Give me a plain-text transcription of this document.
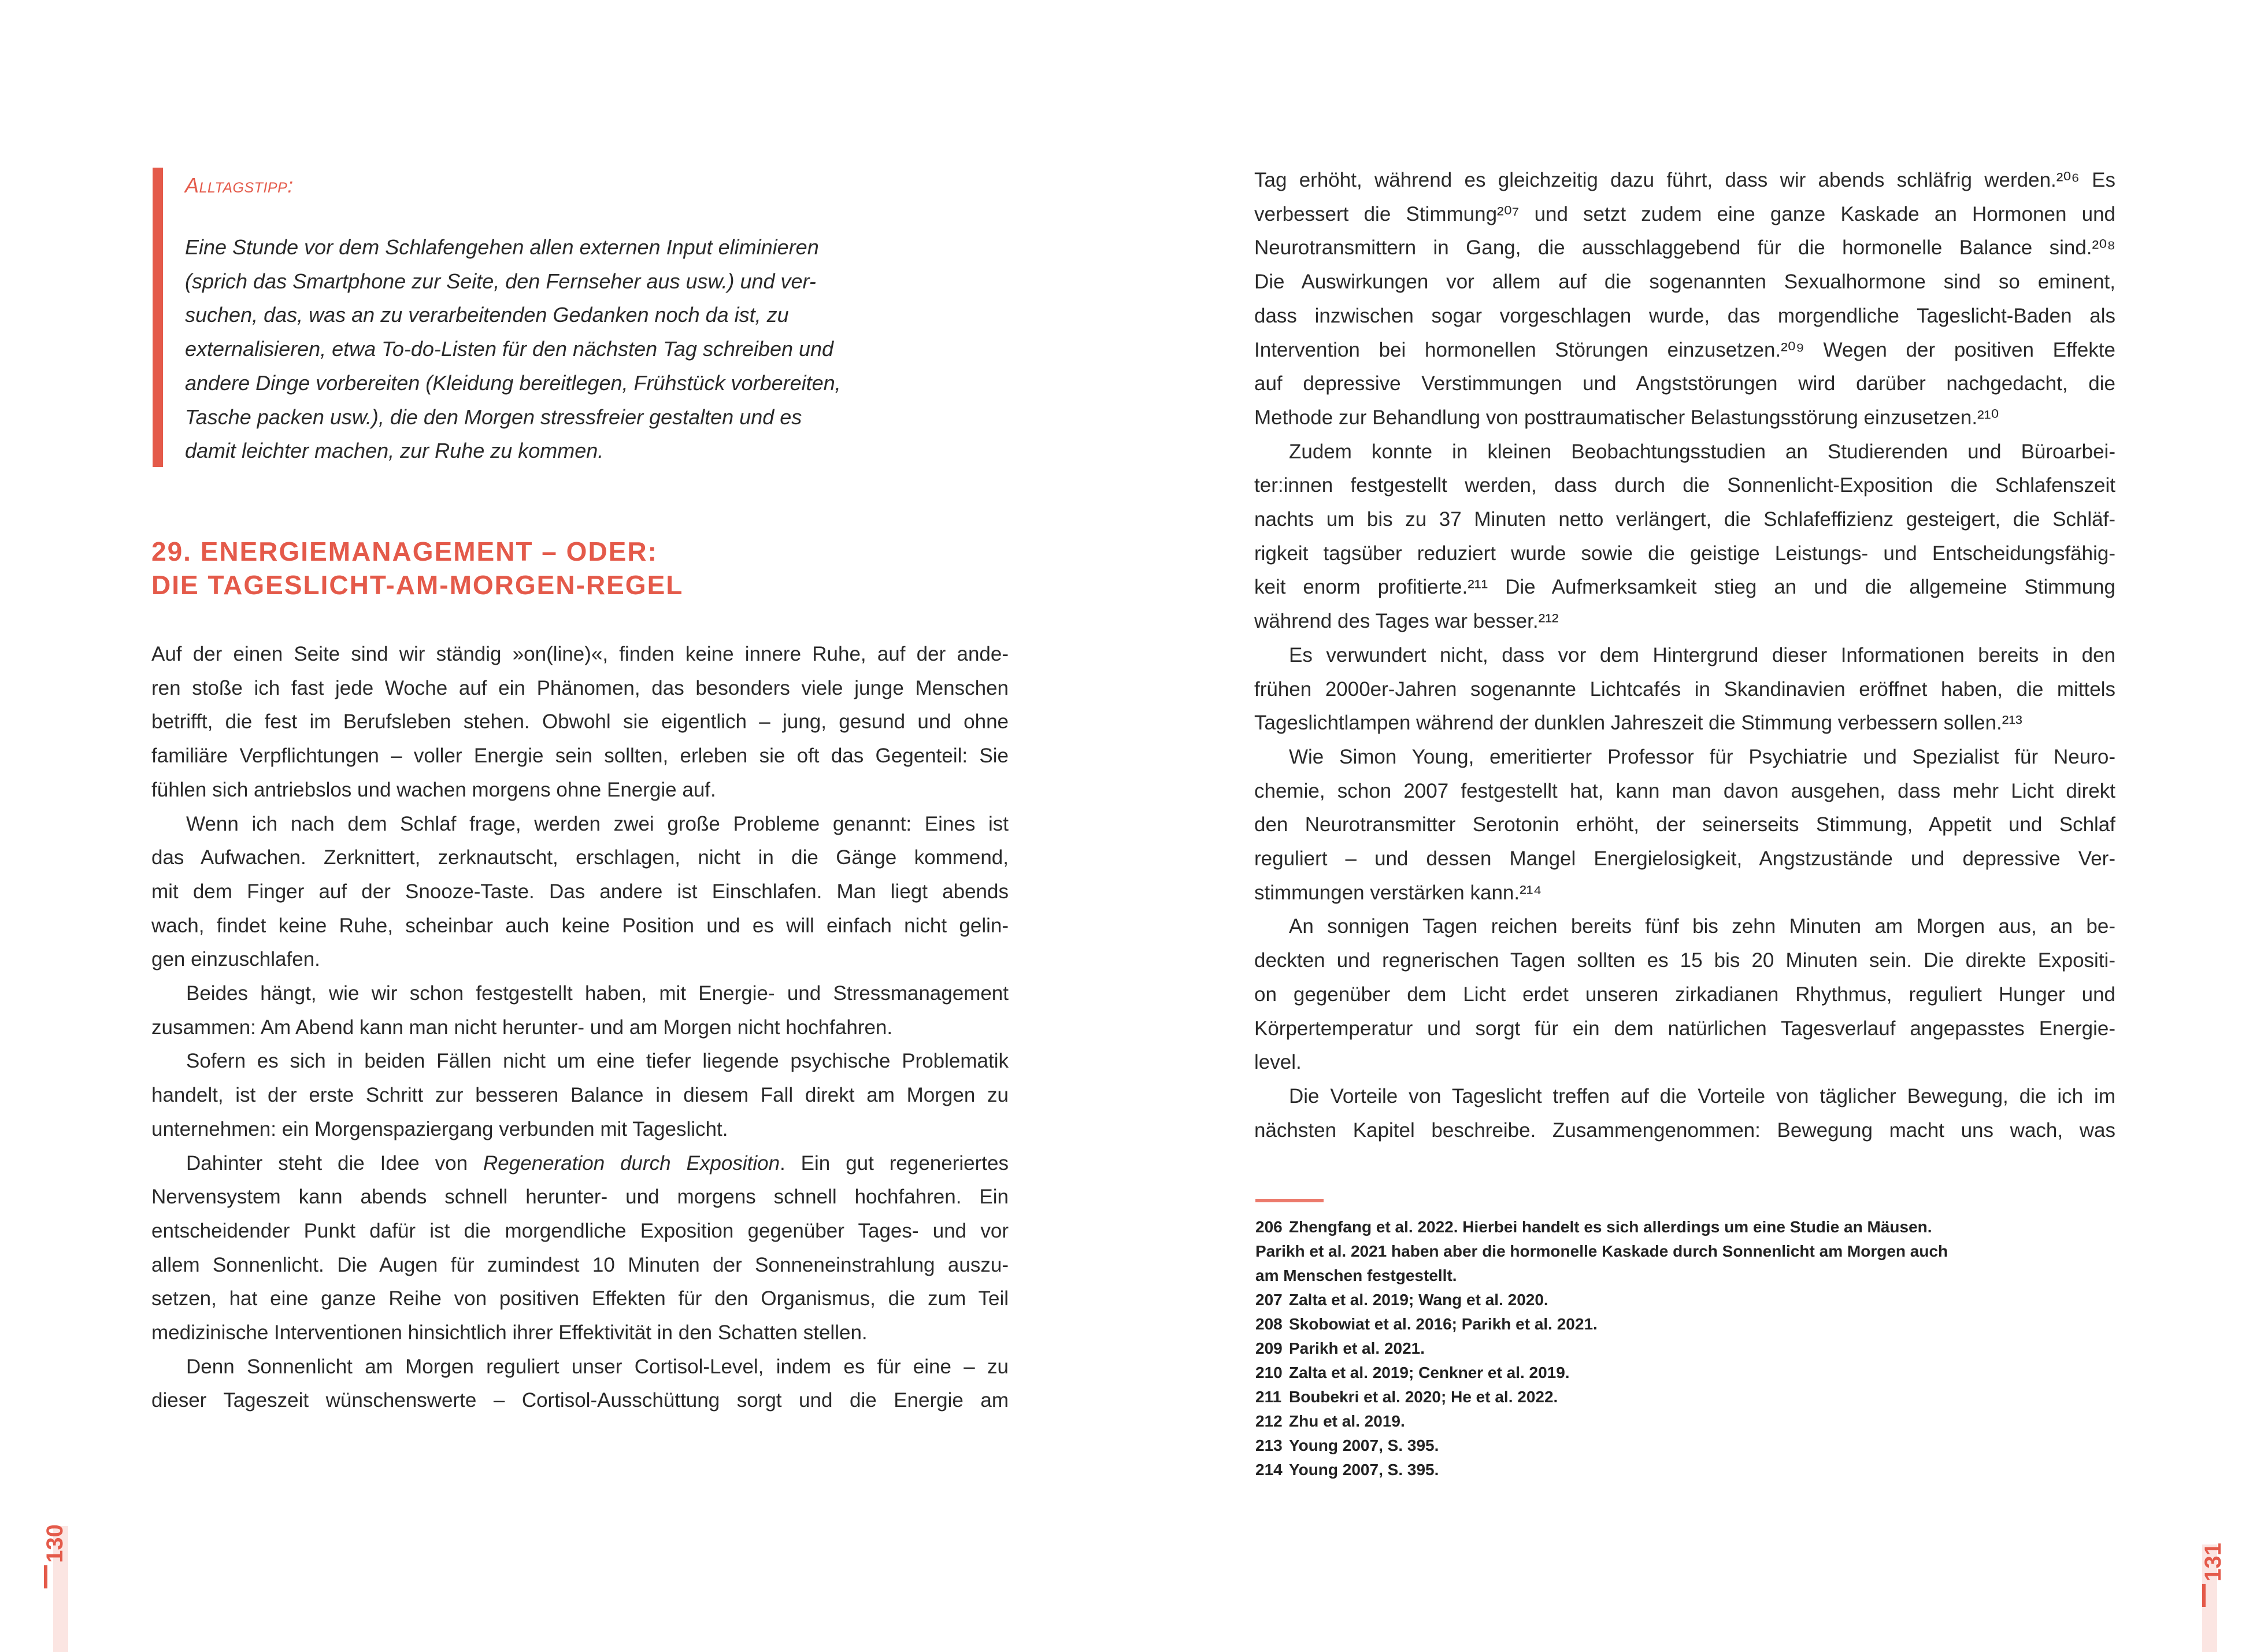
Alltagstipp:
Eine Stunde vor dem Schlafengehen allen externen Input eliminieren
(sprich das Smartphone zur Seite, den Fernseher aus usw.) und ver-
suchen, das, was an zu verarbeitenden Gedanken noch da ist, zu
externalisieren, etwa To-do-Listen für den nächsten Tag schreiben und
andere Dinge vorbereiten (Kleidung bereitlegen, Frühstück vorbereiten,
Tasche packen usw.), die den Morgen stressfreier gestalten und es
damit leichter machen, zur Ruhe zu kommen.
29. ENERGIEMANAGEMENT – ODER:
DIE TAGESLICHT-AM-MORGEN-REGEL
Auf der einen Seite sind wir ständig »on(line)«, finden keine innere Ruhe, auf der ande-
ren stoße ich fast jede Woche auf ein Phänomen, das besonders viele junge Menschen
betrifft, die fest im Berufsleben stehen. Obwohl sie eigentlich – jung, gesund und ohne
familiäre Verpflichtungen – voller Energie sein sollten, erleben sie oft das Gegenteil: Sie
fühlen sich antriebslos und wachen morgens ohne Energie auf.
Wenn ich nach dem Schlaf frage, werden zwei große Probleme genannt: Eines ist
das Aufwachen. Zerknittert, zerknautscht, erschlagen, nicht in die Gänge kommend,
mit dem Finger auf der Snooze-Taste. Das andere ist Einschlafen. Man liegt abends
wach, findet keine Ruhe, scheinbar auch keine Position und es will einfach nicht gelin-
gen einzuschlafen.
Beides hängt, wie wir schon festgestellt haben, mit Energie- und Stressmanagement
zusammen: Am Abend kann man nicht herunter- und am Morgen nicht hochfahren.
Sofern es sich in beiden Fällen nicht um eine tiefer liegende psychische Problematik
handelt, ist der erste Schritt zur besseren Balance in diesem Fall direkt am Morgen zu
unternehmen: ein Morgenspaziergang verbunden mit Tageslicht.
Dahinter steht die Idee von Regeneration durch Exposition. Ein gut regeneriertes
Nervensystem kann abends schnell herunter- und morgens schnell hochfahren. Ein
entscheidender Punkt dafür ist die morgendliche Exposition gegenüber Tages- und vor
allem Sonnenlicht. Die Augen für zumindest 10 Minuten der Sonneneinstrahlung auszu-
setzen, hat eine ganze Reihe von positiven Effekten für den Organismus, die zum Teil
medizinische Interventionen hinsichtlich ihrer Effektivität in den Schatten stellen.
Denn Sonnenlicht am Morgen reguliert unser Cortisol-Level, indem es für eine – zu
dieser Tageszeit wünschenswerte – Cortisol-Ausschüttung sorgt und die Energie am
Tag erhöht, während es gleichzeitig dazu führt, dass wir abends schläfrig werden.²⁰⁶ Es
verbessert die Stimmung²⁰⁷ und setzt zudem eine ganze Kaskade an Hormonen und
Neurotransmittern in Gang, die ausschlaggebend für die hormonelle Balance sind.²⁰⁸
Die Auswirkungen vor allem auf die sogenannten Sexualhormone sind so eminent,
dass inzwischen sogar vorgeschlagen wurde, das morgendliche Tageslicht-Baden als
Intervention bei hormonellen Störungen einzusetzen.²⁰⁹ Wegen der positiven Effekte
auf depressive Verstimmungen und Angststörungen wird darüber nachgedacht, die
Methode zur Behandlung von posttraumatischer Belastungsstörung einzusetzen.²¹⁰
Zudem konnte in kleinen Beobachtungsstudien an Studierenden und Büroarbei-
ter:innen festgestellt werden, dass durch die Sonnenlicht-Exposition die Schlafenszeit
nachts um bis zu 37 Minuten netto verlängert, die Schlafeffizienz gesteigert, die Schläf-
rigkeit tagsüber reduziert wurde sowie die geistige Leistungs- und Entscheidungsfähig-
keit enorm profitierte.²¹¹ Die Aufmerksamkeit stieg an und die allgemeine Stimmung
während des Tages war besser.²¹²
Es verwundert nicht, dass vor dem Hintergrund dieser Informationen bereits in den
frühen 2000er-Jahren sogenannte Lichtcafés in Skandinavien eröffnet haben, die mittels
Tageslichtlampen während der dunklen Jahreszeit die Stimmung verbessern sollen.²¹³
Wie Simon Young, emeritierter Professor für Psychiatrie und Spezialist für Neuro-
chemie, schon 2007 festgestellt hat, kann man davon ausgehen, dass mehr Licht direkt
den Neurotransmitter Serotonin erhöht, der seinerseits Stimmung, Appetit und Schlaf
reguliert – und dessen Mangel Energielosigkeit, Angstzustände und depressive Ver-
stimmungen verstärken kann.²¹⁴
An sonnigen Tagen reichen bereits fünf bis zehn Minuten am Morgen aus, an be-
deckten und regnerischen Tagen sollten es 15 bis 20 Minuten sein. Die direkte Expositi-
on gegenüber dem Licht erdet unseren zirkadianen Rhythmus, reguliert Hunger und
Körpertemperatur und sorgt für ein dem natürlichen Tagesverlauf angepasstes Energie-
level.
Die Vorteile von Tageslicht treffen auf die Vorteile von täglicher Bewegung, die ich im
nächsten Kapitel beschreibe. Zusammengenommen: Bewegung macht uns wach, was
206 Zhengfang et al. 2022. Hierbei handelt es sich allerdings um eine Studie an Mäusen.
Parikh et al. 2021 haben aber die hormonelle Kaskade durch Sonnenlicht am Morgen auch
am Menschen festgestellt.
207 Zalta et al. 2019; Wang et al. 2020.
208 Skobowiat et al. 2016; Parikh et al. 2021.
209 Parikh et al. 2021.
210 Zalta et al. 2019; Cenkner et al. 2019.
211 Boubekri et al. 2020; He et al. 2022.
212 Zhu et al. 2019.
213 Young 2007, S. 395.
214 Young 2007, S. 395.
130	131
